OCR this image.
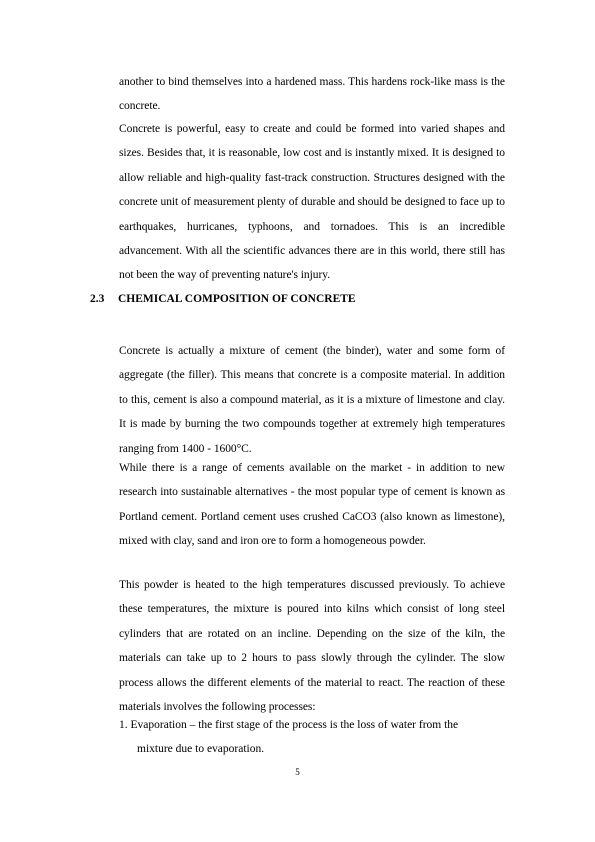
another to bind themselves into a hardened mass. This hardens rock-like mass is the concrete.

Concrete is powerful, easy to create and could be formed into varied shapes and sizes. Besides that, it is reasonable, low cost and is instantly mixed. It is designed to allow reliable and high-quality fast-track construction. Structures designed with the concrete unit of measurement plenty of durable and should be designed to face up to earthquakes, hurricanes, typhoons, and tornadoes. This is an incredible advancement. With all the scientific advances there are in this world, there still has not been the way of preventing nature's injury.

2.3 CHEMICAL COMPOSITION OF CONCRETE

Concrete is actually a mixture of cement (the binder), water and some form of aggregate (the filler). This means that concrete is a composite material. In addition to this, cement is also a compound material, as it is a mixture of limestone and clay. It is made by burning the two compounds together at extremely high temperatures ranging from 1400 - 1600°C.

While there is a range of cements available on the market - in addition to new research into sustainable alternatives - the most popular type of cement is known as Portland cement. Portland cement uses crushed CaCO3 (also known as limestone), mixed with clay, sand and iron ore to form a homogeneous powder.

This powder is heated to the high temperatures discussed previously. To achieve these temperatures, the mixture is poured into kilns which consist of long steel cylinders that are rotated on an incline. Depending on the size of the kiln, the materials can take up to 2 hours to pass slowly through the cylinder. The slow process allows the different elements of the material to react. The reaction of these materials involves the following processes:

1. Evaporation – the first stage of the process is the loss of water from the
mixture due to evaporation.
5
